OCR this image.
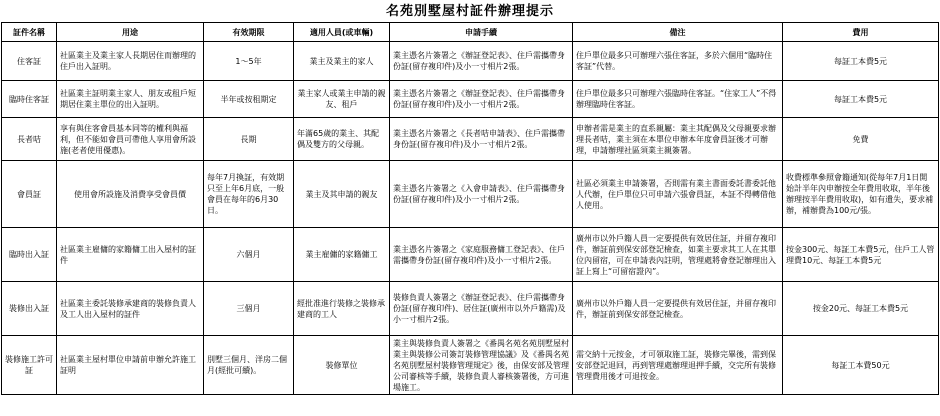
名苑別墅屋村証件辦理提示
証件名稱	用途	有效期限	適用人員(或車輛)	申請手續	備注	費用
住客証	社區業主及業主家人長期居住而辦理的住戶出入証明。	1～5年	業主及業主的家人	業主憑名片簽署之《辦証登記表》、住戶需攜帶身份証(留存複印件)及小一寸相片2張。	住戶單位最多只可辦理六張住客証，多於六個用“臨時住客証”代替。	每証工本費5元
臨時住客証	社區業主証明業主家人、朋友或租戶短期居住業主單位的出入証明。	半年或按租期定	業主家人或業主申請的親友、租戶	業主憑名片簽署之《辦証登記表》、住戶需攜帶身份証(留存複印件)及小一寸相片2張。	住戶單位最多只可辦理六張臨時住客証。“住家工人”不得辦理臨時住客証。	每証工本費5元
長者咭	享有與住客會員基本同等的權利與福利，但不能如會員可帶他人享用會所設施(老者使用優惠)。	長期	年滿65歲的業主、其配偶及雙方的父母親。	業主憑名片簽署之《長者咭申請表》、住戶需攜帶身份証(留存複印件)及小一寸相片2張。	申辦者需是業主的直系親屬：業主其配偶及父母親要求辦理長者咭，業主須在本單位申辦本年度會員証後才可辦理，申請辦理社區須業主親簽署。	免費
會員証	使用會所設施及消費享受會員價	每年7月換証，有效期只至上年6月底，一般會員在每年的6月30日。	業主及其申請的親友	業主憑名片簽署之《入會申請表》、住戶需攜帶身份証(留存複印件)及小一寸相片2張。	社區必須業主申請簽署，否則需有業主書面委託書委託他人代辦，住戶單位只可申請六張會員証，本証不得轉借他人使用。	收費標準參照會籍通知(從每年7月1日開始計半年內申辦按全年費用收取，半年後辦理按半年費用收取)，如有遺失，要求補辦，補辦費為100元/張。
臨時出入証	社區業主雇傭的家籍傭工出入屋村的証件	六個月	業主雇傭的家籍傭工	業主憑名片簽署之《家庭服務傭工登記表》、住戶需攜帶身份証(留存複印件)及小一寸相片2張。	廣州市以外戶籍人員一定要提供有效居住証，并留存複印件，辦証前到保安部登記檢查，如業主要求其工人在其單位內留宿，可在申請表內註明，管理處將會登記辦理出入証上寫上“可留宿證內”。	按金300元、每証工本費5元，住戶工人管理費10元、每証工本費5元
裝修出入証	社區業主委託裝修承建商的裝修負責人及工人出入屋村的証件	三個月	經批准進行裝修之裝修承建商的工人	裝修負責人簽署之《辦証登記表》、住戶需攜帶身份証(留存複印件)、居住証(廣州市以外戶籍需)及小一寸相片2張。	廣州市以外戶籍人員一定要提供有效居住証，并留存複印件，辦証前到保安部登記檢查。	按金20元、每証工本費5元
裝修施工許可証	社區業主屋村單位申請前申辦允許施工証明	別墅三個月、洋房二個月(經批可續)。	裝修單位	業主與裝修負責人簽署之《番禺名苑名苑別墅屋村業主與裝修公司簽訂裝修管理協議》及《番禺名苑名苑別墅屋村裝修管理規定》後，由保安部及管理公司審核等手續，裝修負責人審核簽署後，方可進場施工。	需交納十元按金，才可領取施工証，裝修完畢後，需到保安部登記退回，再到管理處辦理退押手續，交完所有裝修管理費用後才可退按金。	每証工本費50元
